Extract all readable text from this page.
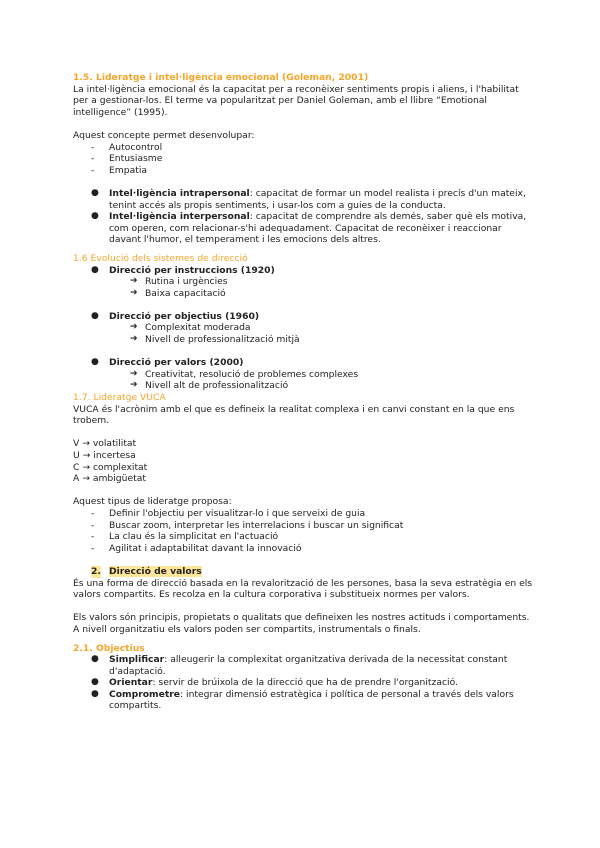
1.5. Lideratge i intel·ligència emocional (Goleman, 2001)

La intel·ligència emocional és la capacitat per a reconèixer sentiments propis i aliens, i l'habilitat per a gestionar-los. El terme va popularitzat per Daniel Goleman, amb el llibre “Emotional intelligence” (1995).

Aquest concepte permet desenvolupar:

- Autocontrol
- Entusiasme
- Empatia
● Intel·ligència intrapersonal: capacitat de formar un model realista i precís d'un mateix, tenint accés als propis sentiments, i usar-los com a guies de la conducta.
● Intel·ligència interpersonal: capacitat de comprendre als demés, saber què els motiva, com operen, com relacionar-s'hi adequadament. Capacitat de reconèixer i reaccionar davant l'humor, el temperament i les emocions dels altres.

1.6 Evolució dels sistemes de direcció

● Direcció per instruccions (1920)
➔ Rutina i urgències
➔ Baixa capacitació
● Direcció per objectius (1960)
➔ Complexitat moderada
➔ Nivell de professionalització mitjà
● Direcció per valors (2000)
➔ Creativitat, resolució de problemes complexes
➔ Nivell alt de professionalització

1.7. Lideratge VUCA

VUCA és l'acrònim amb el que es defineix la realitat complexa i en canvi constant en la que ens trobem.

V → volatilitat

U → incertesa

C → complexitat

A → ambigüetat

Aquest tipus de lideratge proposa:

- Definir l'objectiu per visualitzar-lo i que serveixi de guia
- Buscar zoom, interpretar les interrelacions i buscar un significat
- La clau és la simplicitat en l'actuació
- Agilitat i adaptabilitat davant la innovació
2. Direcció de valors

És una forma de direcció basada en la revalorització de les persones, basa la seva estratègia en els valors compartits. Es recolza en la cultura corporativa i substitueix normes per valors.

Els valors són principis, propietats o qualitats que defineixen les nostres actituds i comportaments. A nivell organitzatiu els valors poden ser compartits, instrumentals o finals.

2.1. Objectius

● Simplificar: alleugerir la complexitat organitzativa derivada de la necessitat constant d'adaptació.
● Orientar: servir de brúixola de la direcció que ha de prendre l'organització.
● Comprometre: integrar dimensió estratègica i política de personal a través dels valors compartits.
